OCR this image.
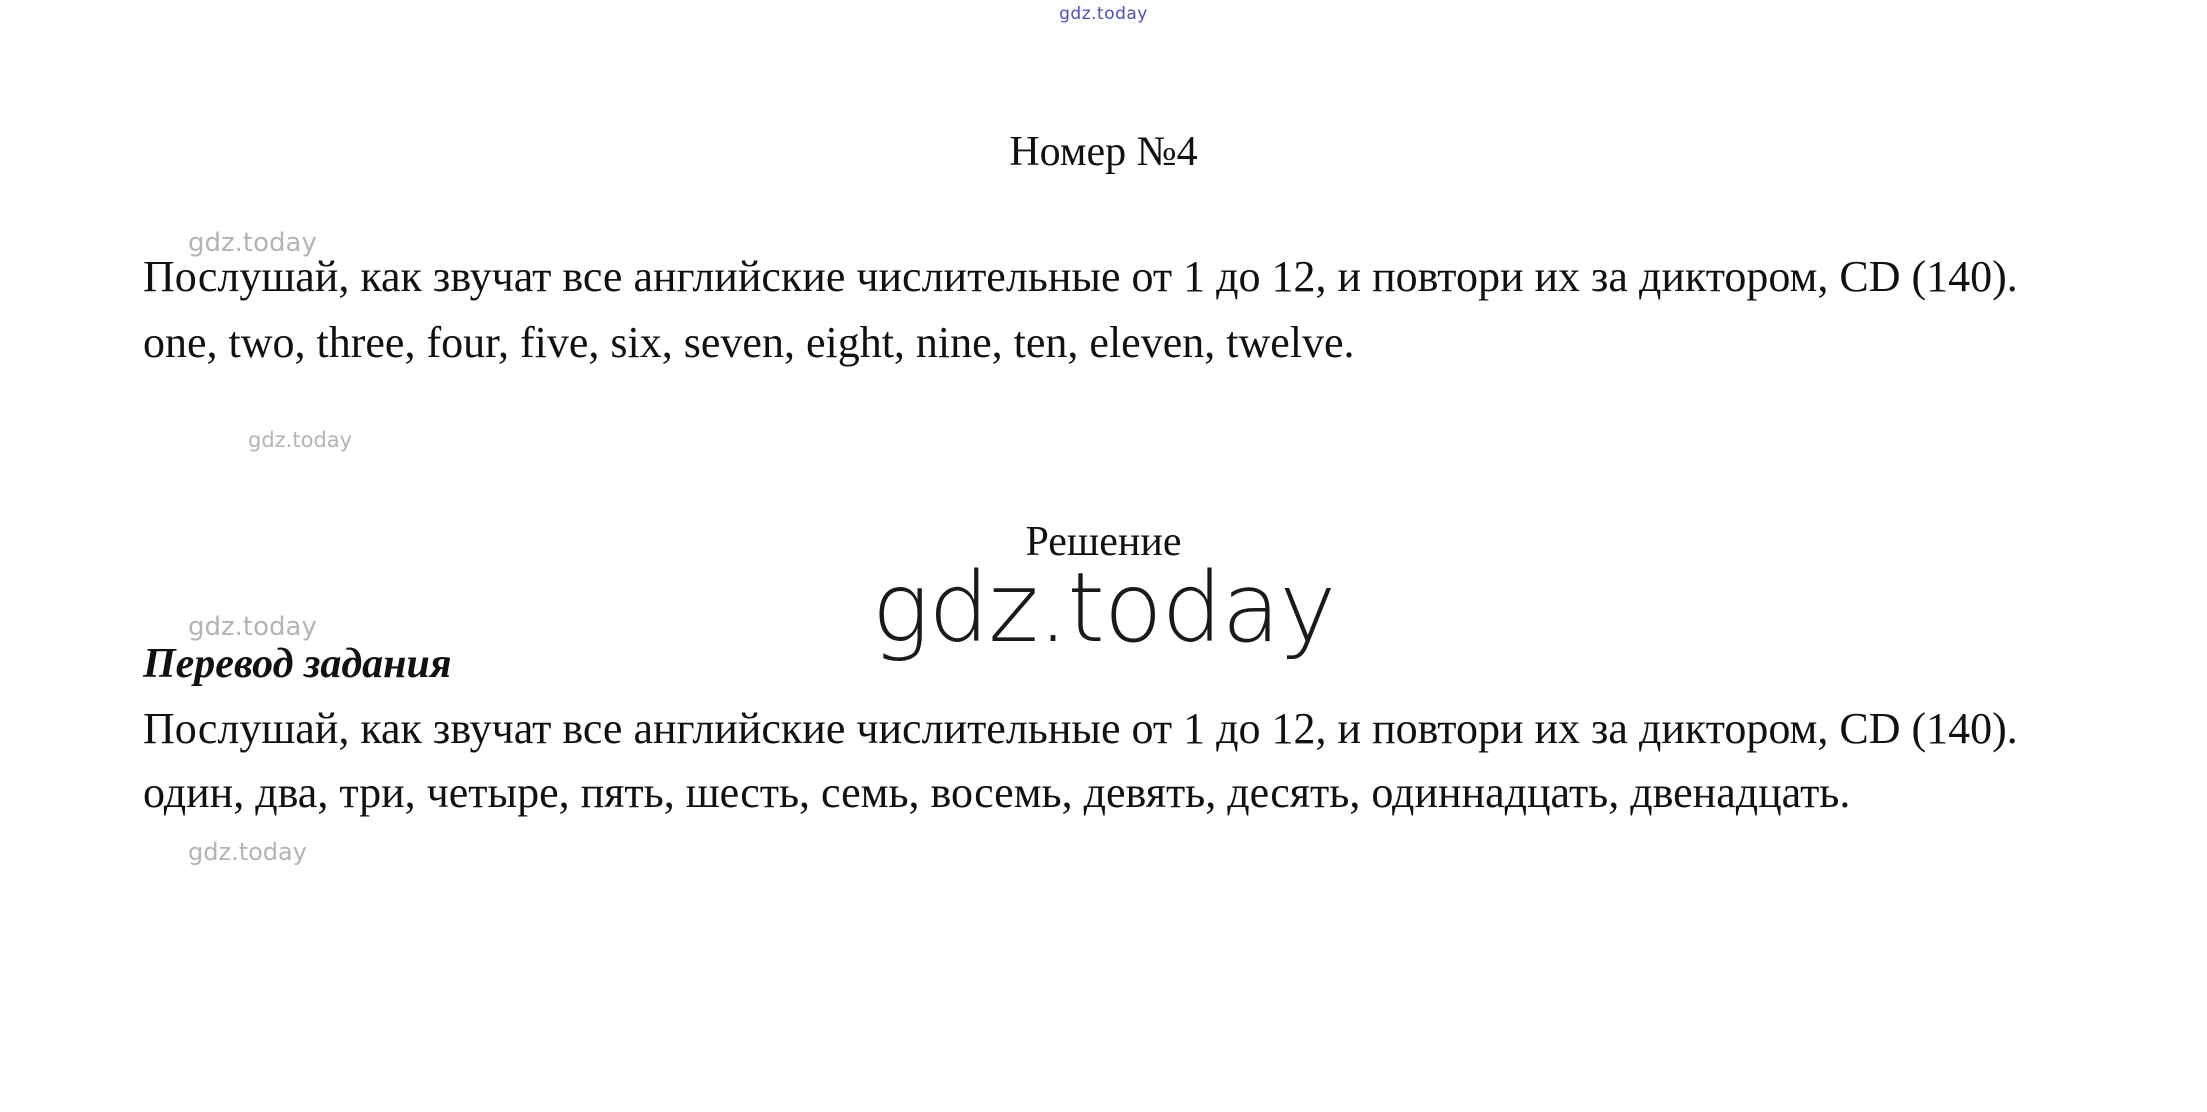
gdz.today
Номер №4
Послушай, как звучат все английские числительные от 1 до 12, и повтори их за диктором, CD (140).
one, two, three, four, five, six, seven, eight, nine, ten, eleven, twelve.
Решение
gdz.today
Перевод задания
Послушай, как звучат все английские числительные от 1 до 12, и повтори их за диктором, CD (140).
один, два, три, четыре, пять, шесть, семь, восемь, девять, десять, одиннадцать, двенадцать.
gdz.today
gdz.today
gdz.today
gdz.today
